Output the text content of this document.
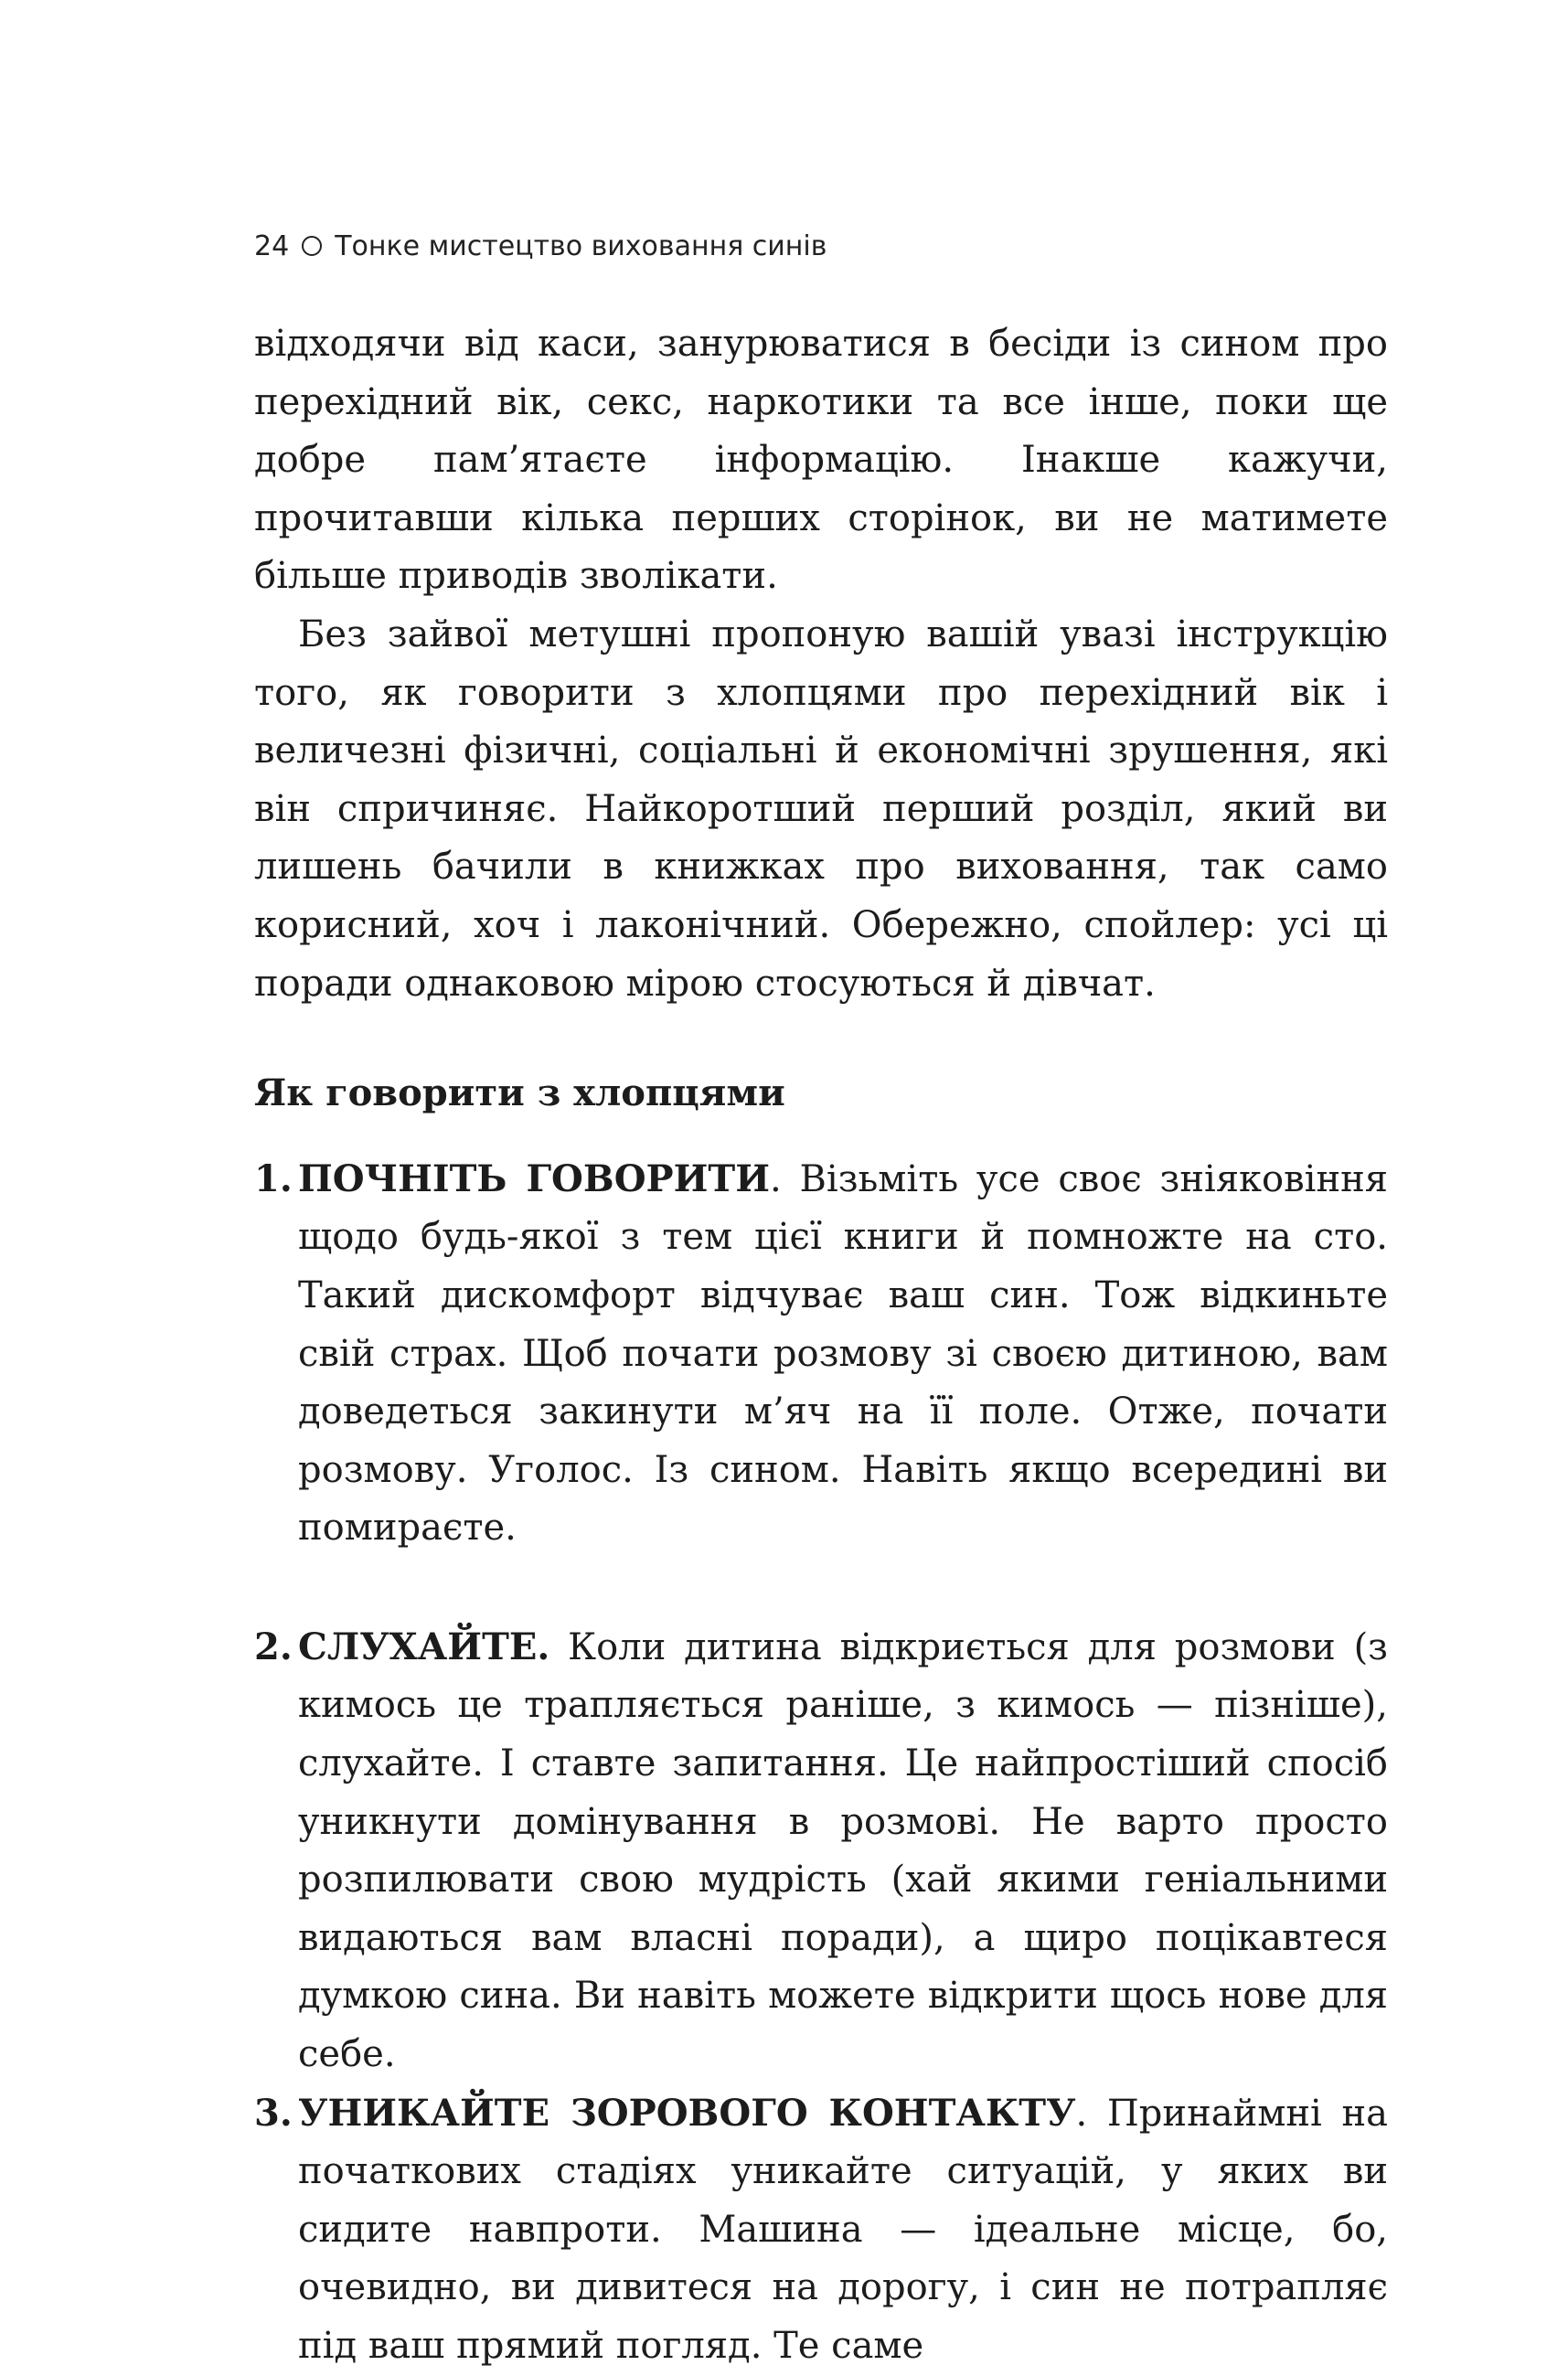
24 Тонке мистецтво виховання синів

відходячи від каси, занурюватися в бесіди із сином про перехідний вік, секс, наркотики та все інше, поки ще добре пам’ятаєте інформацію. Інакше кажучи, прочитавши кілька перших сторінок, ви не матимете більше приводів зволікати.

Без зайвої метушні пропоную вашій увазі інструкцію того, як говорити з хлопцями про перехідний вік і величезні фізичні, соціальні й економічні зрушення, які він спричиняє. Найкоротший перший розділ, який ви лишень бачили в книжках про виховання, так само корисний, хоч і лаконічний. Обережно, спойлер: усі ці поради однаковою мірою стосуються й дівчат.

Як говорити з хлопцями
1. ПОЧНІТЬ ГОВОРИТИ. Візьміть усе своє зніяковіння щодо будь-якої з тем цієї книги й помножте на сто. Такий дискомфорт відчуває ваш син. Тож відкиньте свій страх. Щоб почати розмову зі своєю дитиною, вам доведеться закинути м’яч на її поле. Отже, почати розмову. Уголос. Із сином. Навіть якщо всередині ви помираєте.
2. СЛУХАЙТЕ. Коли дитина відкриється для розмови (з кимось це трапляється раніше, з кимось — пізніше), слухайте. І ставте запитання. Це найпростіший спосіб уникнути домінування в розмові. Не варто просто розпилювати свою мудрість (хай якими геніальними видаються вам власні поради), а щиро поцікавтеся думкою сина. Ви навіть можете відкрити щось нове для себе.
3. УНИКАЙТЕ ЗОРОВОГО КОНТАКТУ. Принаймні на початкових стадіях уникайте ситуацій, у яких ви сидите навпроти. Машина — ідеальне місце, бо, очевидно, ви дивитеся на дорогу, і син не потрапляє під ваш прямий погляд. Те саме
